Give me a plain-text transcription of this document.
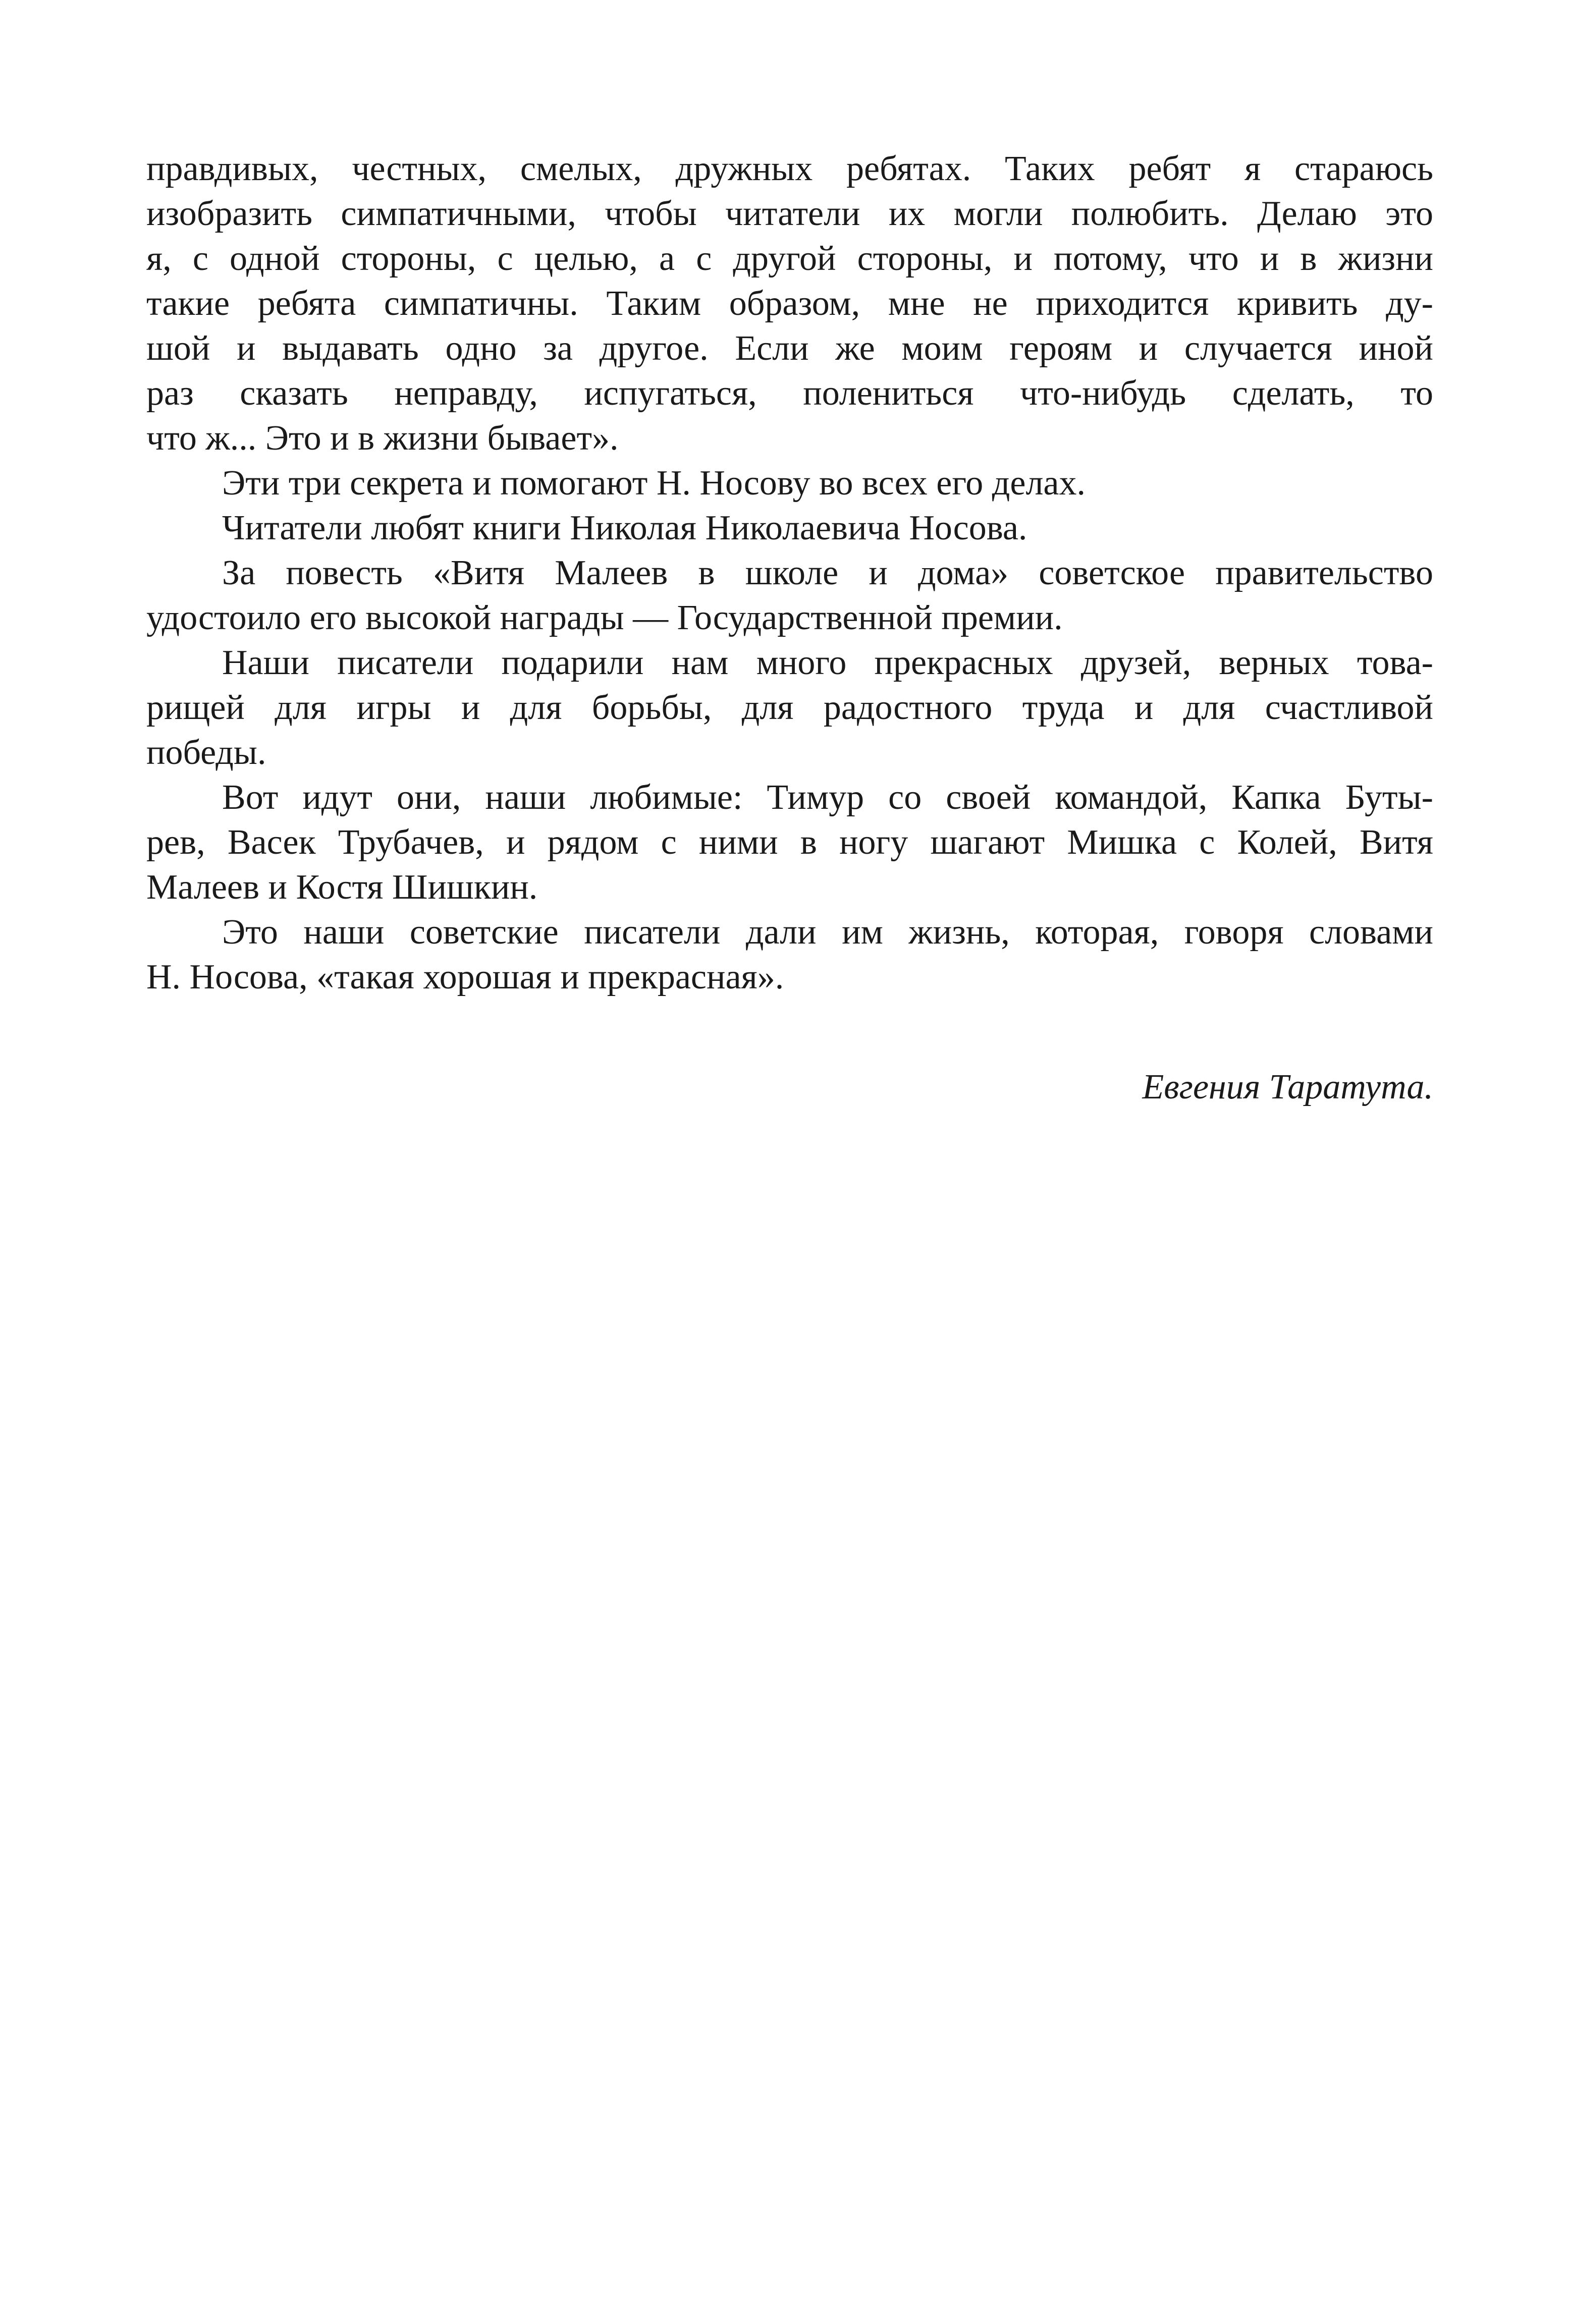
правдивых, честных, смелых, дружных ребятах. Таких ребят я стараюсь
изобразить симпатичными, чтобы читатели их могли полюбить. Делаю это
я, с одной стороны, с целью, а с другой стороны, и потому, что и в жизни
такие ребята симпатичны. Таким образом, мне не приходится кривить ду-
шой и выдавать одно за другое. Если же моим героям и случается иной
раз сказать неправду, испугаться, полениться что-нибудь сделать, то
что ж... Это и в жизни бывает».
Эти три секрета и помогают Н. Носову во всех его делах.
Читатели любят книги Николая Николаевича Носова.
За повесть «Витя Малеев в школе и дома» советское правительство
удостоило его высокой награды — Государственной премии.
Наши писатели подарили нам много прекрасных друзей, верных това-
рищей для игры и для борьбы, для радостного труда и для счастливой
победы.
Вот идут они, наши любимые: Тимур со своей командой, Капка Буты-
рев, Васек Трубачев, и рядом с ними в ногу шагают Мишка с Колей, Витя
Малеев и Костя Шишкин.
Это наши советские писатели дали им жизнь, которая, говоря словами
Н. Носова, «такая хорошая и прекрасная».
Евгения Таратута.
